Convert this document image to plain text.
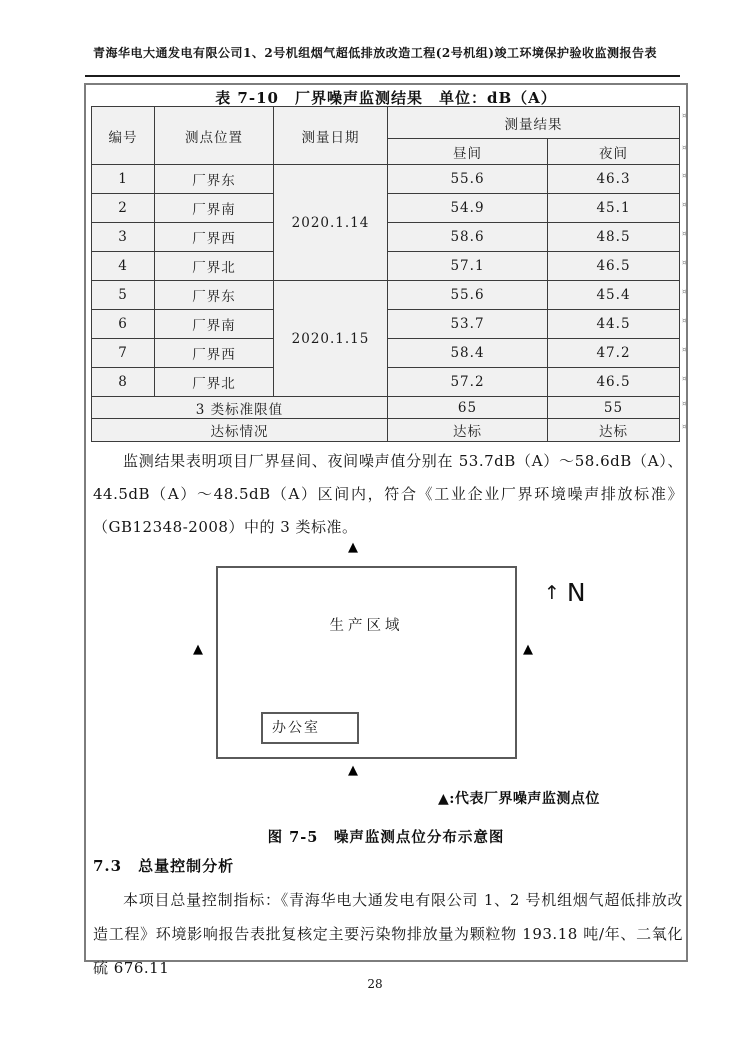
青海华电大通发电有限公司1、2号机组烟气超低排放改造工程(2号机组)竣工环境保护验收监测报告表
表 7-10　厂界噪声监测结果　单位：dB（A）
编号	测点位置	测量日期	测量结果	
			昼间	夜间
1	厂界东	2020.1.14	55.6	46.3
2	厂界南		54.9	45.1
3	厂界西		58.6	48.5
4	厂界北		57.1	46.5
5	厂界东	2020.1.15	55.6	45.4
6	厂界南		53.7	44.5
7	厂界西		58.4	47.2
8	厂界北		57.2	46.5
3 类标准限值			65	55
达标情况			达标	达标
¤
¤
¤
¤
¤
¤
¤
¤
¤
¤
¤
¤
监测结果表明项目厂界昼间、夜间噪声值分别在 53.7dB（A）～58.6dB（A）、44.5dB（A）～48.5dB（A）区间内，符合《工业企业厂界环境噪声排放标准》（GB12348-2008）中的 3 类标准。
▲
生产区域
办公室
▲	▲
▲
↑ N
▲:代表厂界噪声监测点位
图 7-5　噪声监测点位分布示意图
7.3　总量控制分析
本项目总量控制指标：《青海华电大通发电有限公司 1、2 号机组烟气超低排放改造工程》环境影响报告表批复核定主要污染物排放量为颗粒物 193.18 吨/年、二氧化硫 676.11
28
